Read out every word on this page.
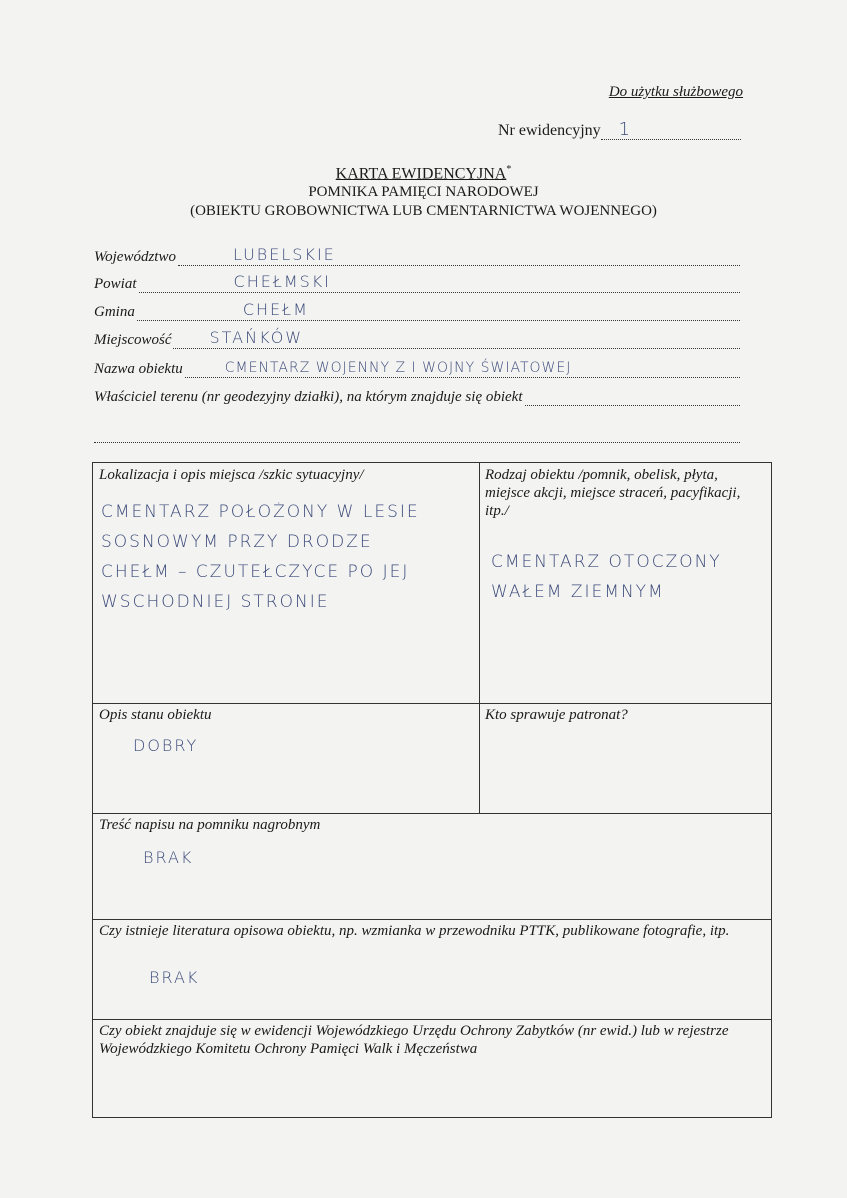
Do użytku służbowego
Nr ewidencyjny 1
KARTA EWIDENCYJNA*
POMNIKA PAMIĘCI NARODOWEJ
(OBIEKTU GROBOWNICTWA LUB CMENTARNICTWA WOJENNEGO)
Województwo	LUBELSKIE
Powiat	CHEŁMSKI
Gmina	CHEŁM
Miejscowość STAŃKÓW
Nazwa obiektu	CMENTARZ WOJENNY Z I WOJNY ŚWIATOWEJ
Właściciel terenu (nr geodezyjny działki), na którym znajduje się obiekt
Lokalizacja i opis miejsca /szkic sytuacyjny/
CMENTARZ POŁOŻONY W LESIE
SOSNOWYM PRZY DRODZE
CHEŁM – CZUTEŁCZYCE PO JEJ
WSCHODNIEJ STRONIE
Rodzaj obiektu /pomnik, obelisk, płyta, miejsce akcji, miejsce straceń, pacyfikacji, itp./
CMENTARZ OTOCZONY
WAŁEM ZIEMNYM
Opis stanu obiektu
DOBRY
Kto sprawuje patronat?
Treść napisu na pomniku nagrobnym
BRAK
Czy istnieje literatura opisowa obiektu, np. wzmianka w przewodniku PTTK, publikowane fotografie, itp.
BRAK
Czy obiekt znajduje się w ewidencji Wojewódzkiego Urzędu Ochrony Zabytków (nr ewid.) lub w rejestrze Wojewódzkiego Komitetu Ochrony Pamięci Walk i Męczeństwa
